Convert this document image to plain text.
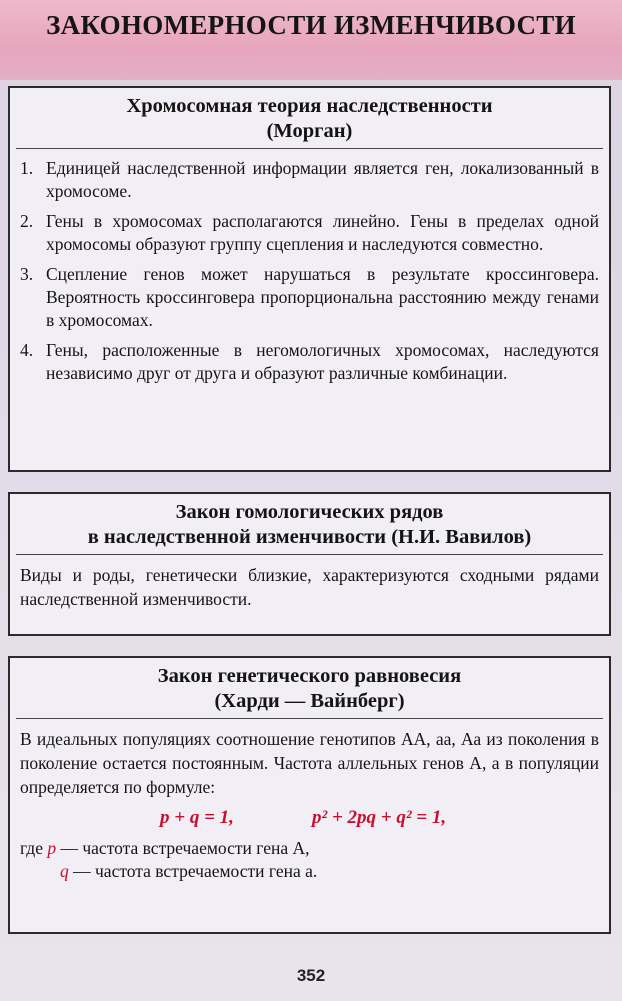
ЗАКОНОМЕРНОСТИ ИЗМЕНЧИВОСТИ
Хромосомная теория наследственности
(Морган)
1. Единицей наследственной информации является ген, локализованный в хромосоме.
2. Гены в хромосомах располагаются линейно. Гены в пределах одной хромосомы образуют группу сцепления и наследуются совместно.
3. Сцепление генов может нарушаться в результате кроссинговера. Вероятность кроссинговера пропорциональна расстоянию между генами в хромосомах.
4. Гены, расположенные в негомологичных хромосомах, наследуются независимо друг от друга и образуют различные комбинации.
Закон гомологических рядов
в наследственной изменчивости (Н.И. Вавилов)
Виды и роды, генетически близкие, характеризуются сходными рядами наследственной изменчивости.
Закон генетического равновесия
(Харди — Вайнберг)
В идеальных популяциях соотношение генотипов АА, аа, Аа из поколения в поколение остается постоянным. Частота аллельных генов А, а в популяции определяется по формуле:
p + q = 1,	p² + 2pq + q² = 1,
где p — частота встречаемости гена А,
q — частота встречаемости гена а.
352
